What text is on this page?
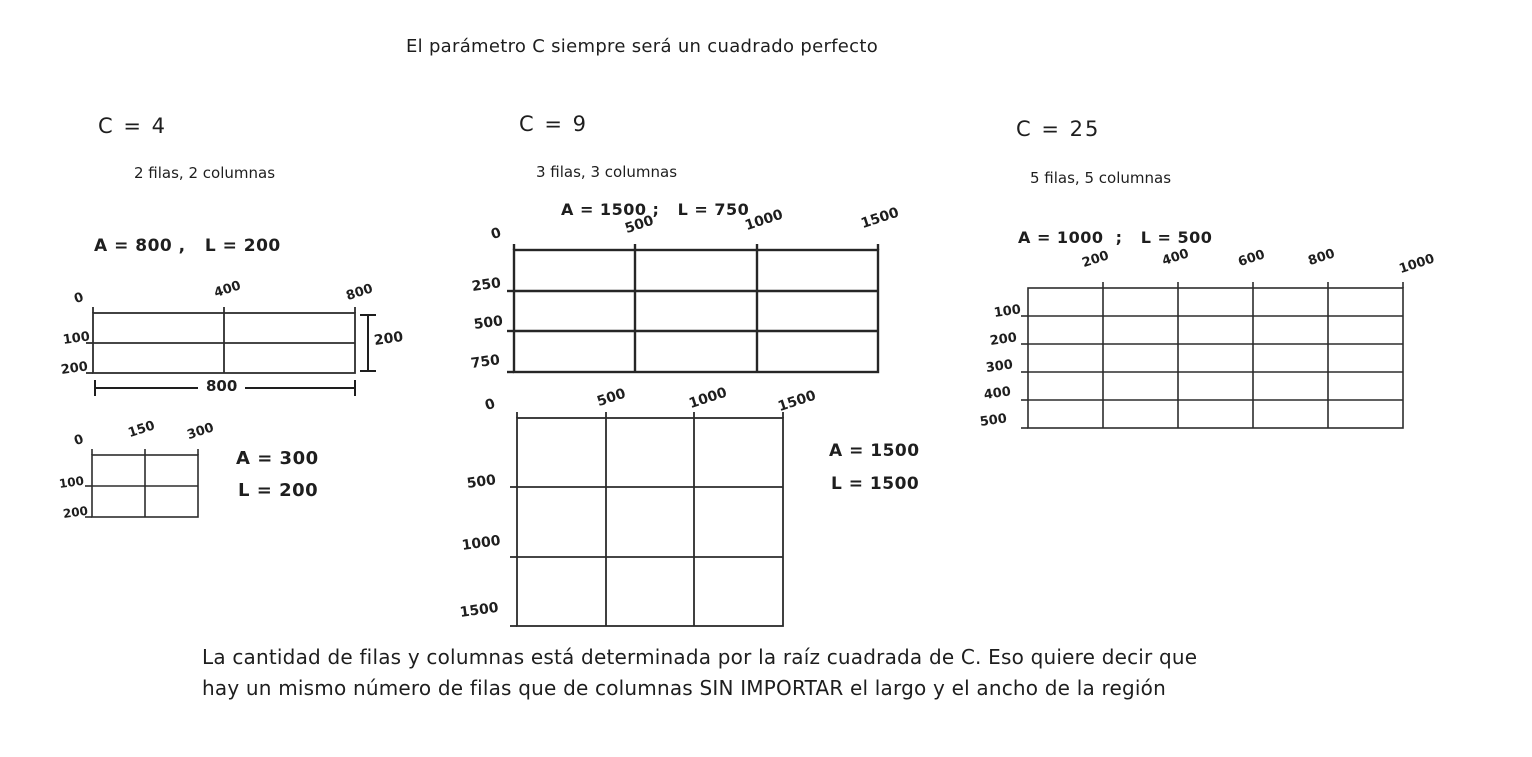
El parámetro C siempre será un cuadrado perfecto
C = 4
2 filas, 2 columnas
A = 800 ,   L = 200
0	400	800
100
200
800
200
0	150 300
100
200
A = 300
L = 200
C = 9
3 filas, 3 columnas
A = 1500 ;   L = 750
0	500	1000	1500
250
500
750
0	500	1000	1500
500
1000
1500
A = 1500
L = 1500
C = 25
5 filas, 5 columnas
A = 1000  ;   L = 500
200	400	600	800	1000
100
200
300
400
500
La cantidad de filas y columnas está determinada por la raíz cuadrada de C. Eso quiere decir que
hay un mismo número de filas que de columnas SIN IMPORTAR el largo y el ancho de la región
